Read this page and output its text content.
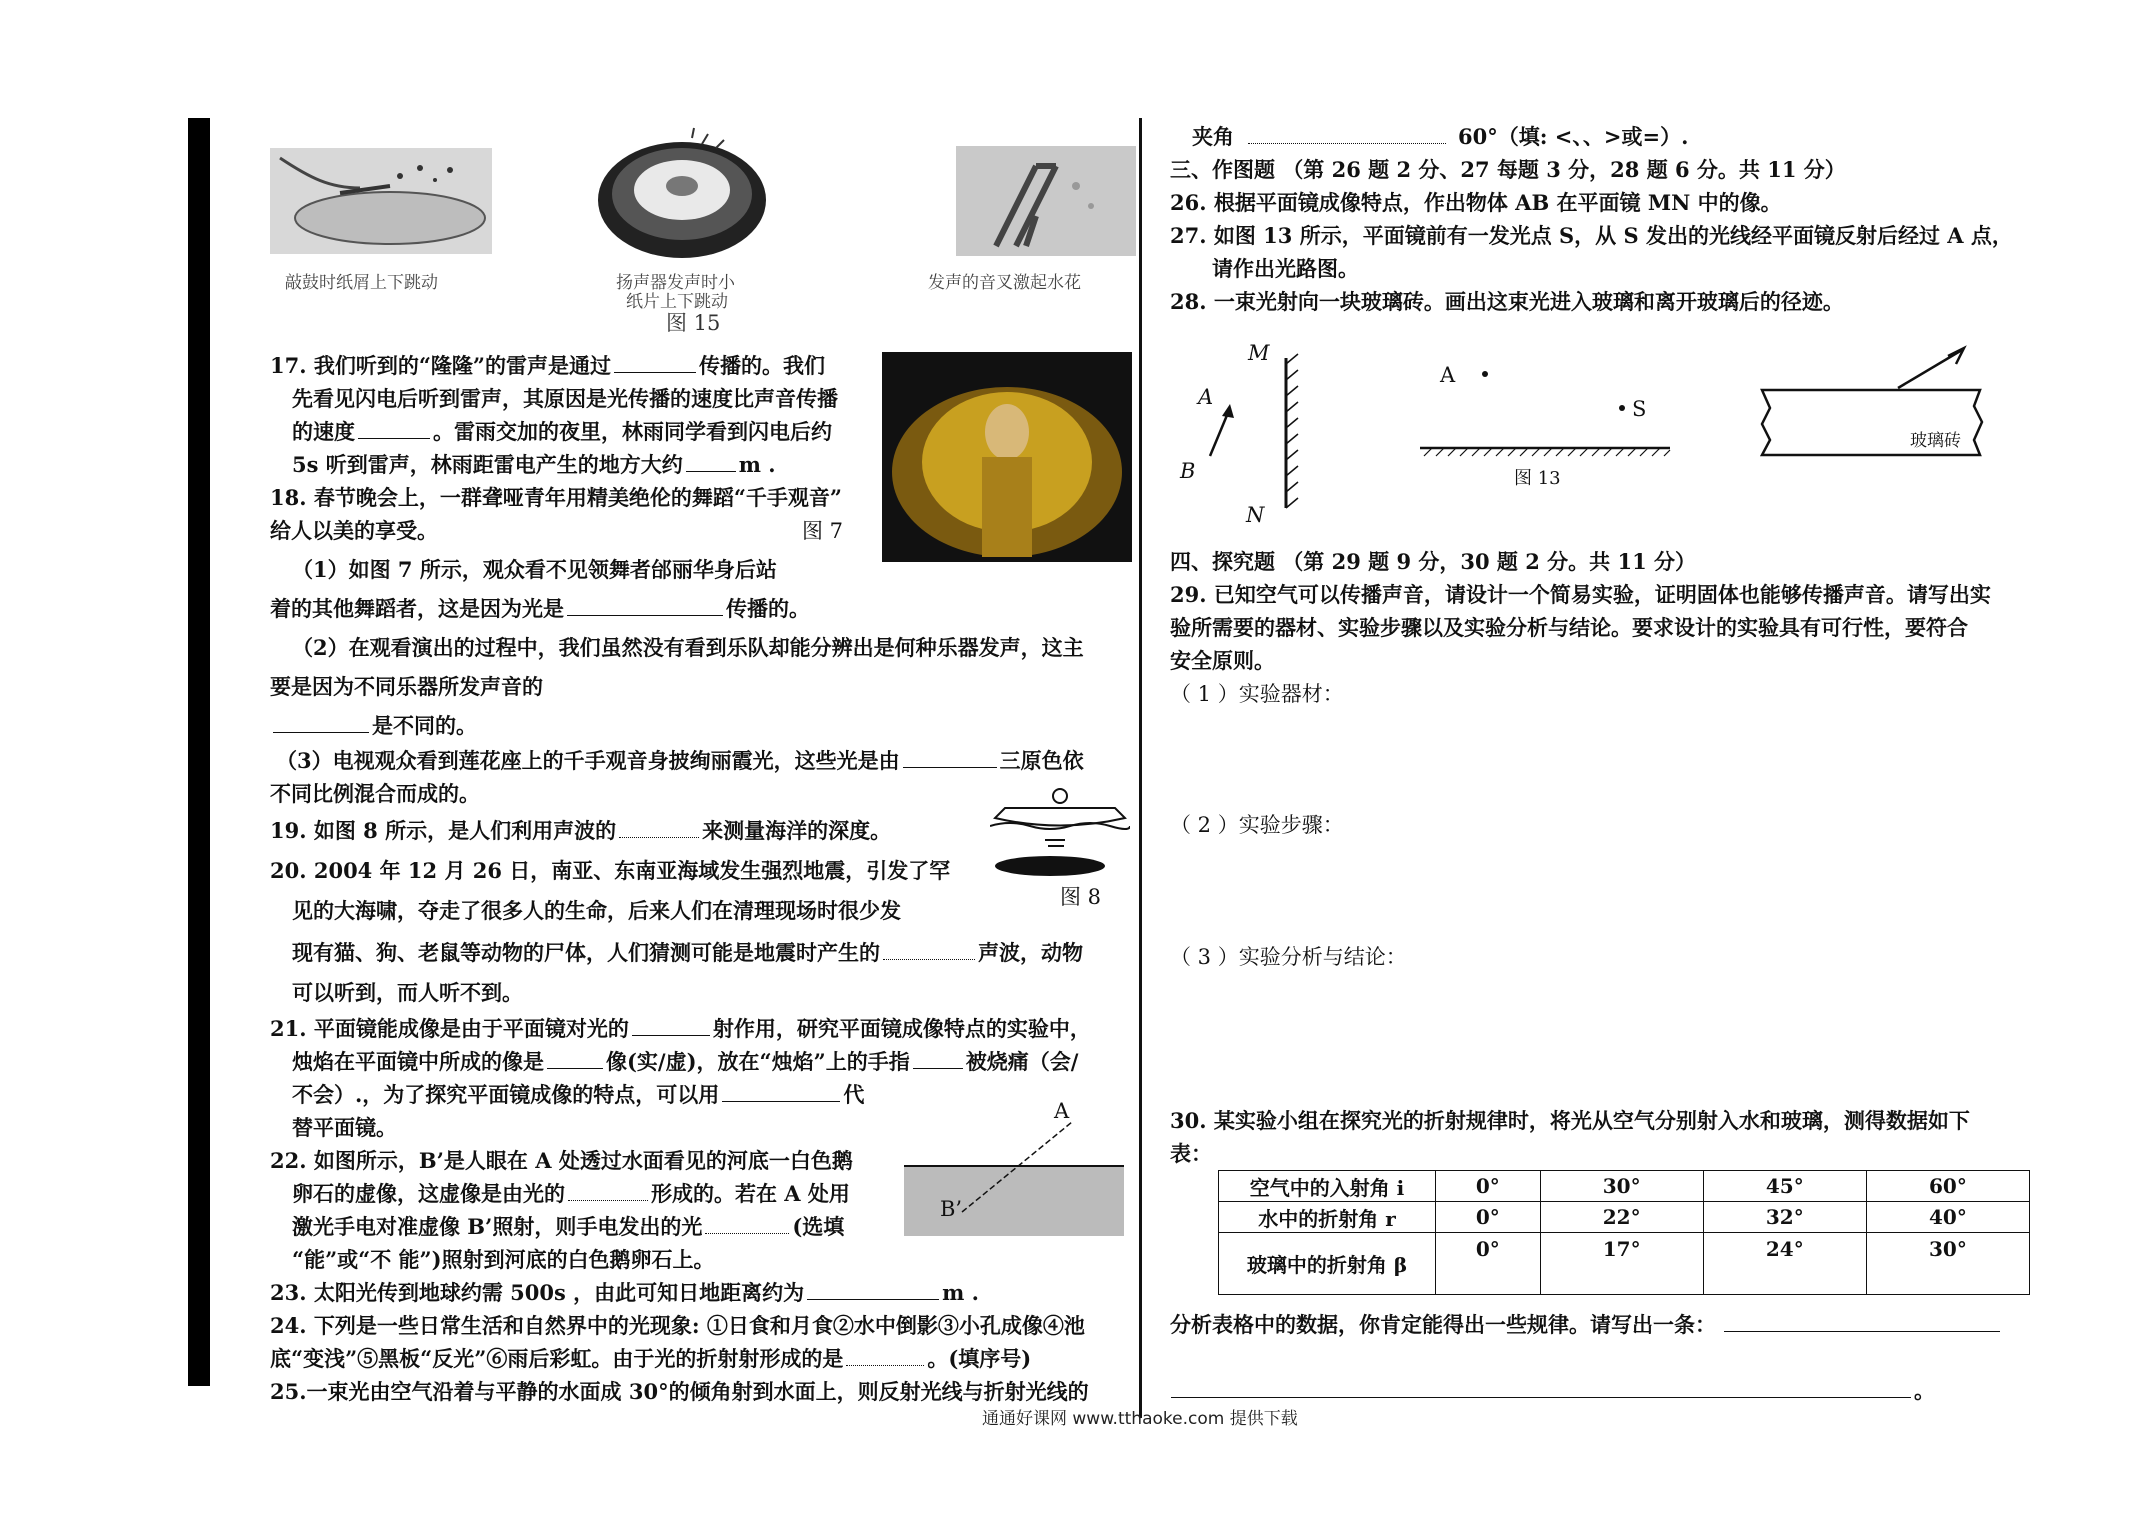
敲鼓时纸屑上下跳动	扬声器发声时小
纸片上下跳动
图 15
发声的音叉激起水花
A
B’
17. 我们听到的“隆隆”的雷声是通过	传播的。我们
先看见闪电后听到雷声，其原因是光传播的速度比声音传播
的速度	。雷雨交加的夜里，林雨同学看到闪电后约
5s 听到雷声，林雨距雷电产生的地方大约	m .
18. 春节晚会上，一群聋哑青年用精美绝伦的舞蹈“千手观音”
给人以美的享受。	图 7
（1）如图 7 所示，观众看不见领舞者邰丽华身后站
着的其他舞蹈者，这是因为光是	传播的。
（2）在观看演出的过程中，我们虽然没有看到乐队却能分辨出是何种乐器发声，这主
要是因为不同乐器所发声音的
是不同的。
（3）电视观众看到莲花座上的千手观音身披绚丽霞光，这些光是由	三原色依
不同比例混合而成的。
19. 如图 8 所示，是人们利用声波的	来测量海洋的深度。
图 8
20. 2004 年 12 月 26 日，南亚、东南亚海域发生强烈地震，引发了罕
见的大海啸，夺走了很多人的生命，后来人们在清理现场时很少发
现有猫、狗、老鼠等动物的尸体，人们猜测可能是地震时产生的	声波，动物
可以听到，而人听不到。
21. 平面镜能成像是由于平面镜对光的	射作用，研究平面镜成像特点的实验中，
烛焰在平面镜中所成的像是	像(实/虚)，放在“烛焰”上的手指	被烧痛（会/
不会）.，为了探究平面镜成像的特点，可以用	代
替平面镜。
22. 如图所示，B’是人眼在 A 处透过水面看见的河底一白色鹅
卵石的虚像，这虚像是由光的	形成的。若在 A 处用
激光手电对准虚像 B’照射，则手电发出的光	(选填
“能”或“不 能”)照射到河底的白色鹅卵石上。
23. 太阳光传到地球约需 500s ，由此可知日地距离约为	m .
24. 下列是一些日常生活和自然界中的光现象: ①日食和月食②水中倒影③小孔成像④池
底“变浅”⑤黑板“反光”⑥雨后彩虹。由于光的折射射形成的是	。(填序号)
25.一束光由空气沿着与平静的水面成 30°的倾角射到水面上，则反射光线与折射光线的
夹角	60°（填: <、、>或=）.
三、作图题 （第 26 题 2 分、27 每题 3 分，28 题 6 分。共 11 分）
26. 根据平面镜成像特点，作出物体 AB 在平面镜 MN 中的像。
27. 如图 13 所示，平面镜前有一发光点 S，从 S 发出的光线经平面镜反射后经过 A 点，
请作出光路图。
28. 一束光射向一块玻璃砖。画出这束光进入玻璃和离开玻璃后的径迹。
M
A
B
N
A
S
图 13
玻璃砖
四、探究题 （第 29 题 9 分，30 题 2 分。共 11 分）
29. 已知空气可以传播声音，请设计一个简易实验，证明固体也能够传播声音。请写出实
验所需要的器材、实验步骤以及实验分析与结论。要求设计的实验具有可行性，要符合
安全原则。
（ 1 ）实验器材：
（ 2 ）实验步骤：
（ 3 ）实验分析与结论：
30. 某实验小组在探究光的折射规律时，将光从空气分别射入水和玻璃，测得数据如下
表：
空气中的入射角 i	0°	30°	45°	60°
水中的折射角 r	0°	22°	32°	40°
玻璃中的折射角 β	0°	17°	24°	30°
分析表格中的数据，你肯定能得出一些规律。请写出一条：
。
通通好课网 www.tthaoke.com 提供下载
